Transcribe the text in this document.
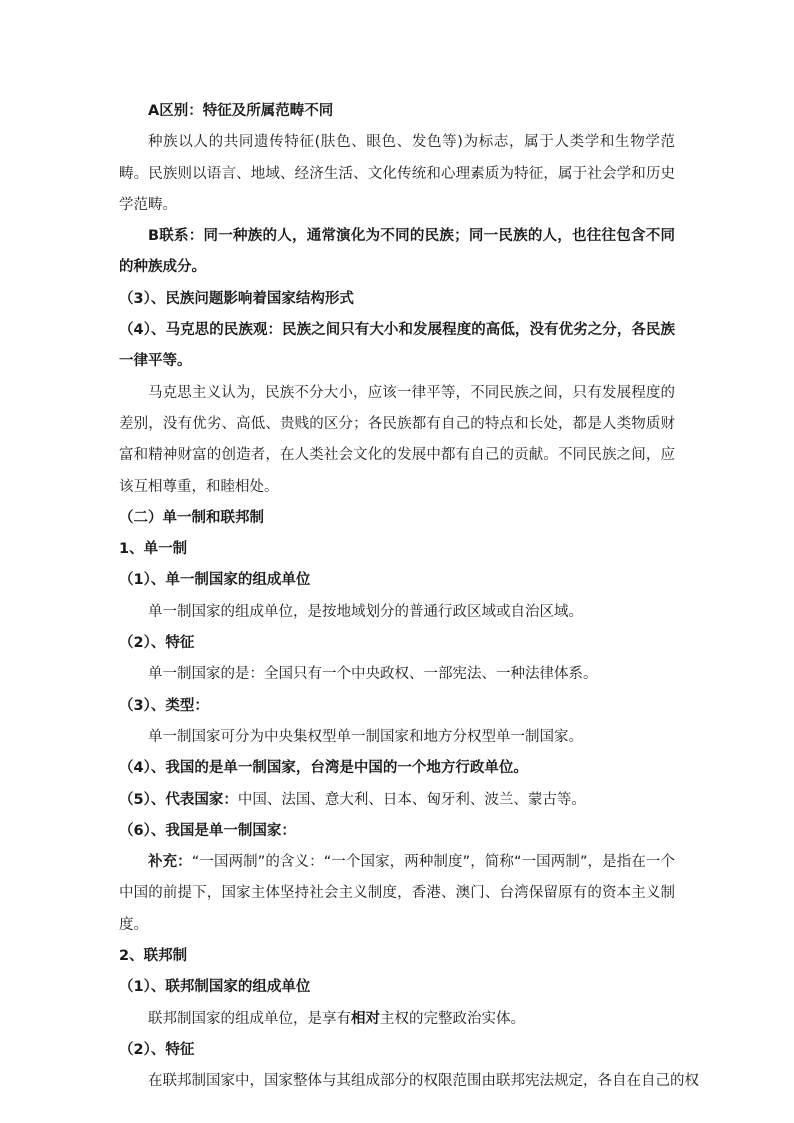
A区别：特征及所属范畴不同

种族以人的共同遗传特征(肤色、眼色、发色等)为标志，属于人类学和生物学范畴。民族则以语言、地域、经济生活、文化传统和心理素质为特征，属于社会学和历史学范畴。

B联系：同一种族的人，通常演化为不同的民族；同一民族的人，也往往包含不同的种族成分。

（3）、民族问题影响着国家结构形式

（4）、马克思的民族观：民族之间只有大小和发展程度的高低，没有优劣之分，各民族一律平等。

马克思主义认为，民族不分大小，应该一律平等，不同民族之间，只有发展程度的差别，没有优劣、高低、贵贱的区分；各民族都有自己的特点和长处，都是人类物质财富和精神财富的创造者，在人类社会文化的发展中都有自己的贡献。不同民族之间，应该互相尊重，和睦相处。

（二）单一制和联邦制

1、单一制

（1）、单一制国家的组成单位

单一制国家的组成单位，是按地域划分的普通行政区域或自治区域。

（2）、特征

单一制国家的是：全国只有一个中央政权、一部宪法、一种法律体系。

（3）、类型：

单一制国家可分为中央集权型单一制国家和地方分权型单一制国家。

（4）、我国的是单一制国家，台湾是中国的一个地方行政单位。

（5）、代表国家：中国、法国、意大利、日本、匈牙利、波兰、蒙古等。

（6）、我国是单一制国家：

补充：“一国两制”的含义：“一个国家，两种制度”，简称“一国两制”，是指在一个中国的前提下，国家主体坚持社会主义制度，香港、澳门、台湾保留原有的资本主义制度。

2、联邦制

（1）、联邦制国家的组成单位

联邦制国家的组成单位，是享有相对主权的完整政治实体。

（2）、特征

在联邦制国家中，国家整体与其组成部分的权限范围由联邦宪法规定，各自在自己的权
